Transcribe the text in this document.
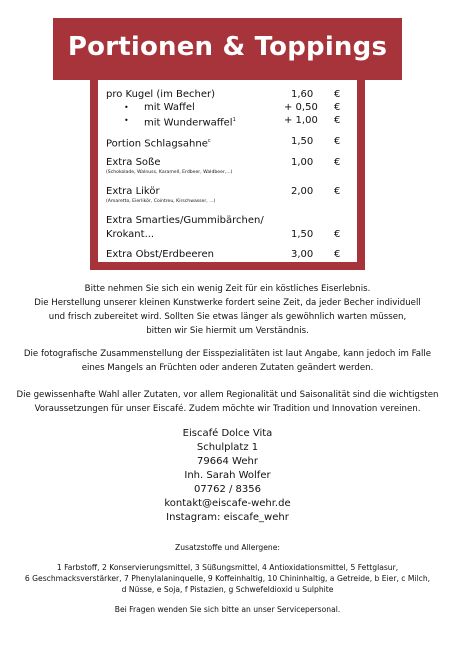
Portionen & Toppings
pro Kugel (im Becher)	1,60 €
• mit Waffel	+ 0,50 €
• mit Wunderwaffel$^1$	+ 1,00 €
Portion Schlagsahne$^c$	1,50 €
Extra Soße	1,00 €
(Schokolade, Walnuss, Karamell, Erdbeer, Waldbeer,...)
Extra Likör	2,00 €
(Amaretto, Eierlikör, Cointreu, Kirschwasser, ...)
Extra Smarties/Gummibärchen/
Krokant...	1,50 €
Extra Obst/Erdbeeren	3,00 €
Bitte nehmen Sie sich ein wenig Zeit für ein köstliches Eiserlebnis.
Die Herstellung unserer kleinen Kunstwerke fordert seine Zeit, da jeder Becher individuell
und frisch zubereitet wird. Sollten Sie etwas länger als gewöhnlich warten müssen,
bitten wir Sie hiermit um Verständnis.
Die fotografische Zusammenstellung der Eisspezialitäten ist laut Angabe, kann jedoch im Falle
eines Mangels an Früchten oder anderen Zutaten geändert werden.
Die gewissenhafte Wahl aller Zutaten, vor allem Regionalität und Saisonalität sind die wichtigsten
Voraussetzungen für unser Eiscafé. Zudem möchte wir Tradition und Innovation vereinen.
Eiscafé Dolce Vita
Schulplatz 1
79664 Wehr
Inh. Sarah Wolfer
07762 / 8356
kontakt@eiscafe-wehr.de
Instagram: eiscafe_wehr
Zusatzstoffe und Allergene:
1 Farbstoff, 2 Konservierungsmittel, 3 Süßungsmittel, 4 Antioxidationsmittel, 5 Fettglasur,
6 Geschmacksverstärker, 7 Phenylalaninquelle, 9 Koffeinhaltig, 10 Chininhaltig, a Getreide, b Eier, c Milch,
d Nüsse, e Soja, f Pistazien, g Schwefeldioxid u Sulphite
Bei Fragen wenden Sie sich bitte an unser Servicepersonal.
